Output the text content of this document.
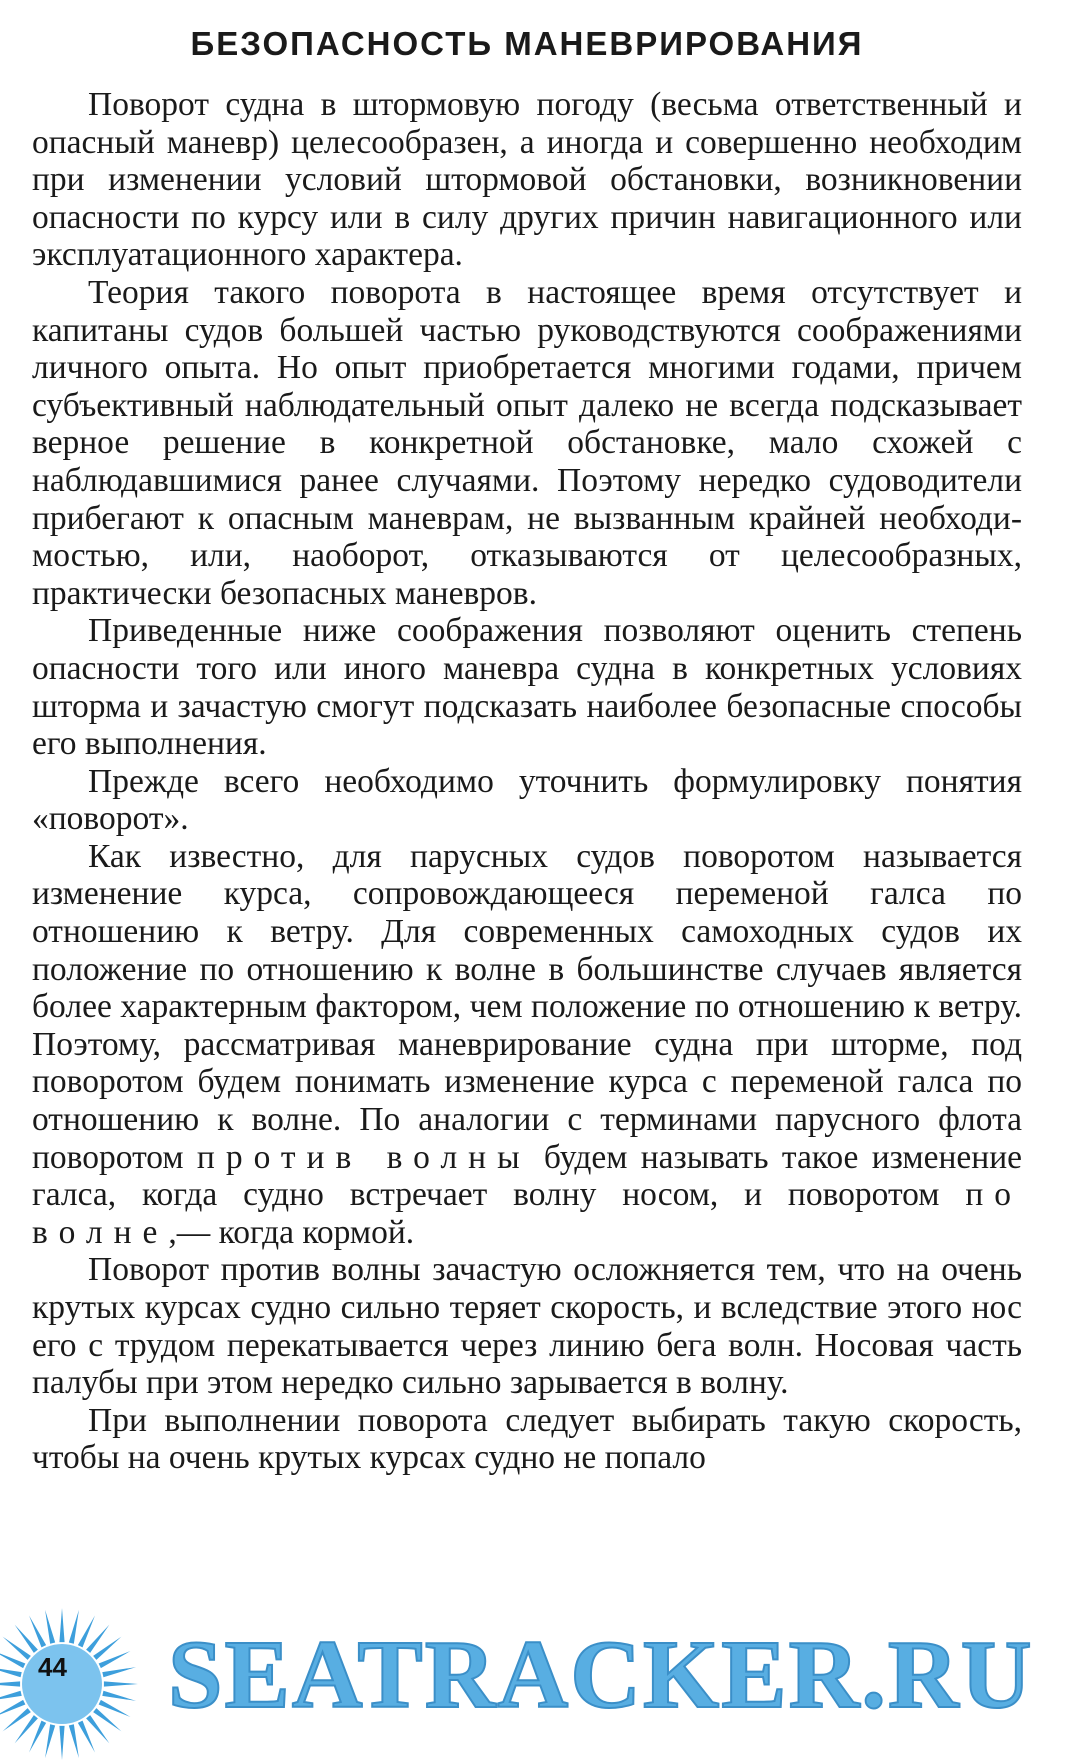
БЕЗОПАСНОСТЬ МАНЕВРИРОВАНИЯ

Поворот судна в штормовую погоду (весьма ответственный и опасный маневр) целесообразен, а иногда и совершенно необходим при изменении условий штормовой обстановки, возникновении опасности по курсу или в силу других причин навигационного или эксплуатационного характера.

Теория такого поворота в настоящее время отсутствует и капитаны судов большей частью руководствуются соображениями личного опыта. Но опыт приобретается многими годами, причем субъективный наблюдательный опыт далеко не всегда подсказывает верное решение в конкретной обстановке, мало схожей с наблюдавшимися ранее случаями. Поэтому нередко судоводители прибегают к опасным маневрам, не вызванным крайней необходимостью, или, наоборот, отказываются от целесообразных, практически безопасных маневров.

Приведенные ниже соображения позволяют оценить степень опасности того или иного маневра судна в конкретных условиях шторма и зачастую смогут подсказать наиболее безопасные способы его выполнения.

Прежде всего необходимо уточнить формулировку понятия «поворот».

Как известно, для парусных судов поворотом называется изменение курса, сопровождающееся переменой галса по отношению к ветру. Для современных самоходных судов их положение по отношению к волне в большинстве случаев является более характерным фактором, чем положение по отношению к ветру. Поэтому, рассматривая маневрирование судна при шторме, под поворотом будем понимать изменение курса с переменой галса по отношению к волне. По аналогии с терминами парусного флота поворотом против волны будем называть такое изменение галса, когда судно встречает волну носом, и поворотом по волне,— когда кормой.

Поворот против волны зачастую осложняется тем, что на очень крутых курсах судно сильно теряет скорость, и вследствие этого нос его с трудом перекатывается через линию бега волн. Носовая часть палубы при этом нередко сильно зарывается в волну.

При выполнении поворота следует выбирать такую скорость, чтобы на очень крутых курсах судно не попало

44 SEATRACKER.RU
